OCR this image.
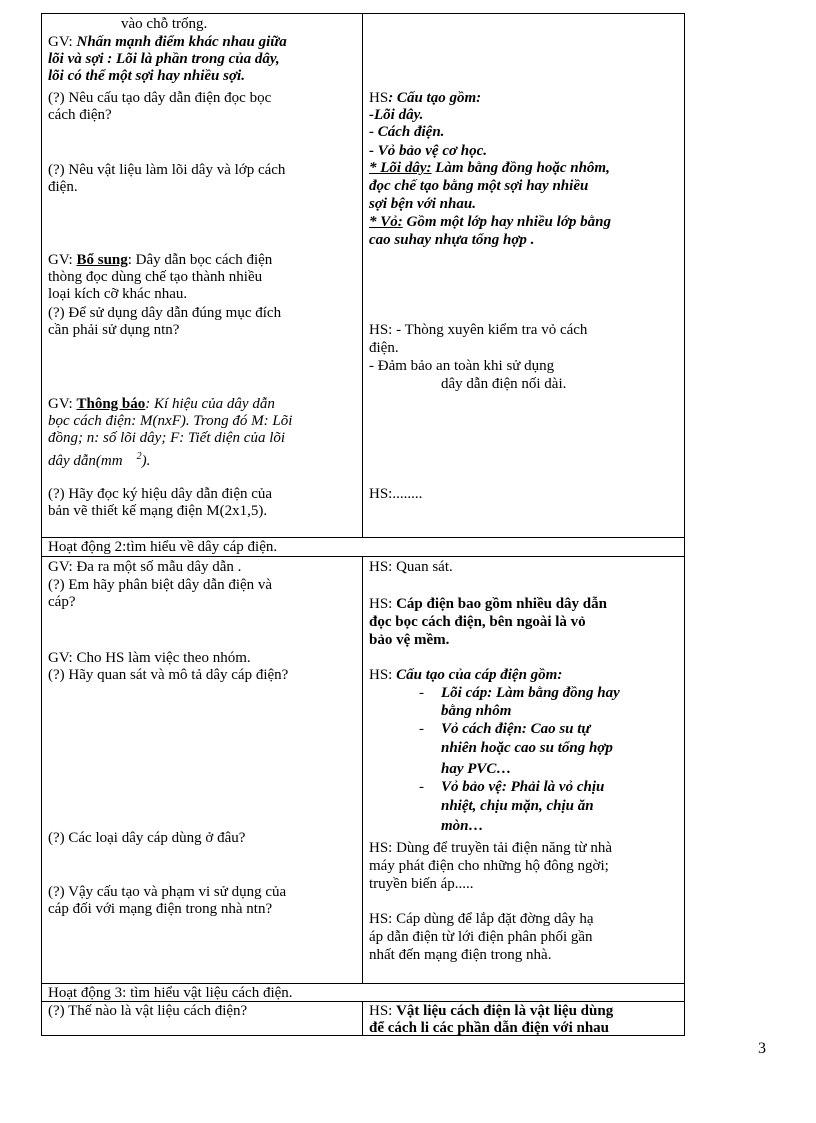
vào chỗ trống.
GV: Nhấn mạnh điểm khác nhau giữa
lõi và sợi : Lõi là phần trong của dây,
lõi có thể một sợi hay nhiều sợi.
(?) Nêu cấu tạo dây dẫn điện đọc bọc
cách điện?
(?) Nêu vật liệu làm lõi dây và lớp cách
điện.
GV: Bổ sung: Dây dẫn bọc cách điện
thòng đọc dùng chế tạo thành nhiều
loại kích cỡ khác nhau.
(?) Để sử dụng dây dẫn đúng mục đích
cần phải sử dụng ntn?
GV: Thông báo: Kí hiệu của dây dẫn
bọc cách điện: M(nxF). Trong đó M: Lõi
đồng; n: số lõi dây; F: Tiết diện của lõi
dây dẫn(mm $^2$).
(?) Hãy đọc ký hiệu dây dẫn điện của
bản vẽ thiết kế mạng điện M(2x1,5).
HS: Cấu tạo gồm:
-Lõi dây.
- Cách điện.
- Vỏ bảo vệ cơ học.
* Lõi dây: Làm bằng đồng hoặc nhôm,
đọc chế tạo bằng một sợi hay nhiều
sợi bện với nhau.
* Vỏ: Gồm một lớp hay nhiều lớp bằng
cao suhay nhựa tổng hợp .
HS: - Thòng xuyên kiểm tra vỏ cách
điện.
- Đảm bảo an toàn khi sử dụng
dây dẫn điện nối dài.
HS:........
Hoạt động 2:tìm hiểu về dây cáp điện.
GV: Đa ra một số mẫu dây dẫn .
(?) Em hãy phân biệt dây dẫn điện và
cáp?
GV: Cho HS làm việc theo nhóm.
(?) Hãy quan sát và mô tả dây cáp điện?
(?) Các loại dây cáp dùng ở đâu?
(?) Vậy cấu tạo và phạm vi sử dụng của
cáp đối với mạng điện trong nhà ntn?
HS: Quan sát.
HS: Cáp điện bao gồm nhiều dây dẫn
đọc bọc cách điện, bên ngoài là vỏ
bảo vệ mềm.
HS: Cấu tạo của cáp điện gồm:
- Lõi cáp: Làm bằng đồng hay
bằng nhôm
- Vỏ cách điện: Cao su tự
nhiên hoặc cao su tổng hợp
hay PVC…
- Vỏ bảo vệ: Phải là vỏ chịu
nhiệt, chịu mặn, chịu ăn
mòn…
HS: Dùng để truyền tải điện năng từ nhà
máy phát điện cho những hộ đông ngời;
truyền biến áp.....
HS: Cáp dùng để lắp đặt đờng dây hạ
áp dẫn điện từ lới điện phân phối gần
nhất đến mạng điện trong nhà.
Hoạt động 3: tìm hiểu vật liệu cách điện.
(?) Thế nào là vật liệu cách điện?	HS: Vật liệu cách điện là vật liệu dùng
để cách li các phần dẫn điện với nhau
3
